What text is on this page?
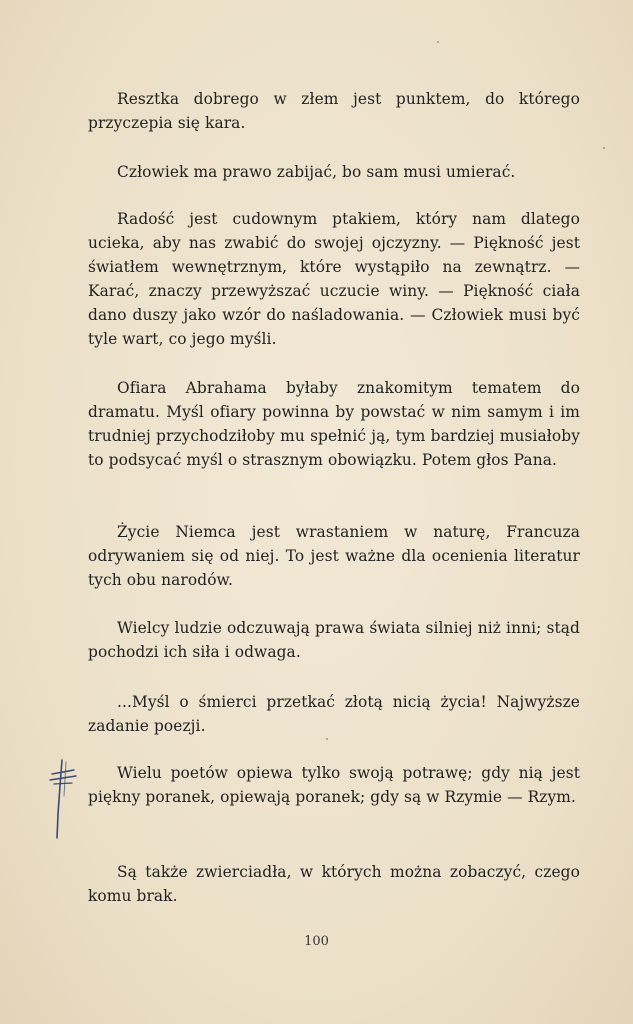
Resztka dobrego w złem jest punktem, do którego przyczepia się kara.

Człowiek ma prawo zabijać, bo sam musi umierać.

Radość jest cudownym ptakiem, który nam dlatego ucieka, aby nas zwabić do swojej ojczyzny. — Piękność jest światłem wewnętrznym, które wystąpiło na zewnątrz. — Karać, znaczy przewyższać uczucie winy. — Piękność ciała dano duszy jako wzór do naśladowania. — Człowiek musi być tyle wart, co jego myśli.

Ofiara Abrahama byłaby znakomitym tematem do dramatu. Myśl ofiary powinna by powstać w nim samym i im trudniej przychodziłoby mu spełnić ją, tym bardziej musiałoby to podsycać myśl o strasznym obowiązku. Potem głos Pana.

Życie Niemca jest wrastaniem w naturę, Francuza odrywaniem się od niej. To jest ważne dla ocenienia literatur tych obu narodów.

Wielcy ludzie odczuwają prawa świata silniej niż inni; stąd pochodzi ich siła i odwaga.

...Myśl o śmierci przetkać złotą nicią życia! Najwyższe zadanie poezji.

Wielu poetów opiewa tylko swoją potrawę; gdy nią jest piękny poranek, opiewają poranek; gdy są w Rzymie — Rzym.

Są także zwierciadła, w których można zobaczyć, czego komu brak.

100
